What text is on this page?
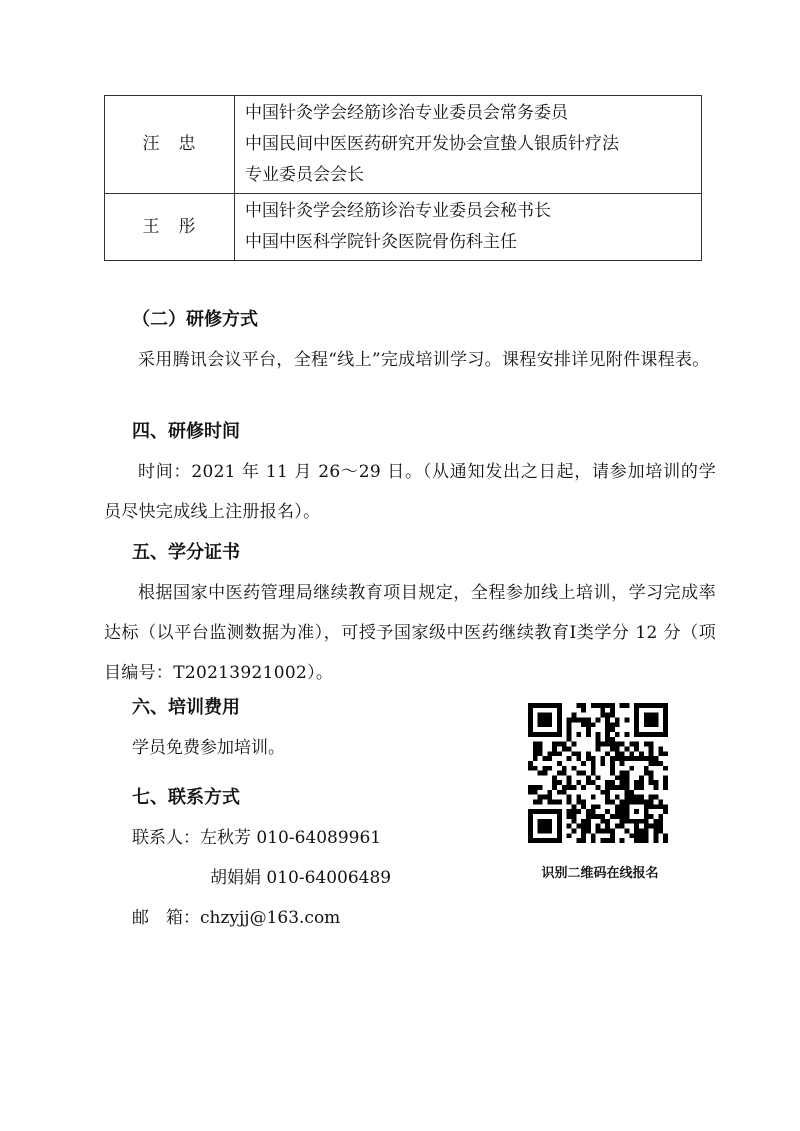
汪　忠	中国针灸学会经筋诊治专业委员会常务委员
中国民间中医医药研究开发协会宣蛰人银质针疗法
专业委员会会长

王　彤	中国针灸学会经筋诊治专业委员会秘书长
中国中医科学院针灸医院骨伤科主任
（二）研修方式
采用腾讯会议平台，全程“线上”完成培训学习。课程安排详见附件课程表。
四、研修时间
时间：2021 年 11 月 26～29 日。（从通知发出之日起，请参加培训的学员尽快完成线上注册报名）。
五、学分证书
根据国家中医药管理局继续教育项目规定，全程参加线上培训，学习完成率达标（以平台监测数据为准），可授予国家级中医药继续教育Ⅰ类学分 12 分（项目编号：T20213921002）。
六、培训费用
学员免费参加培训。
七、联系方式
联系人：左秋芳 010-64089961
胡娟娟 010-64006489
邮　箱：chzyjj@163.com
识别二维码在线报名
